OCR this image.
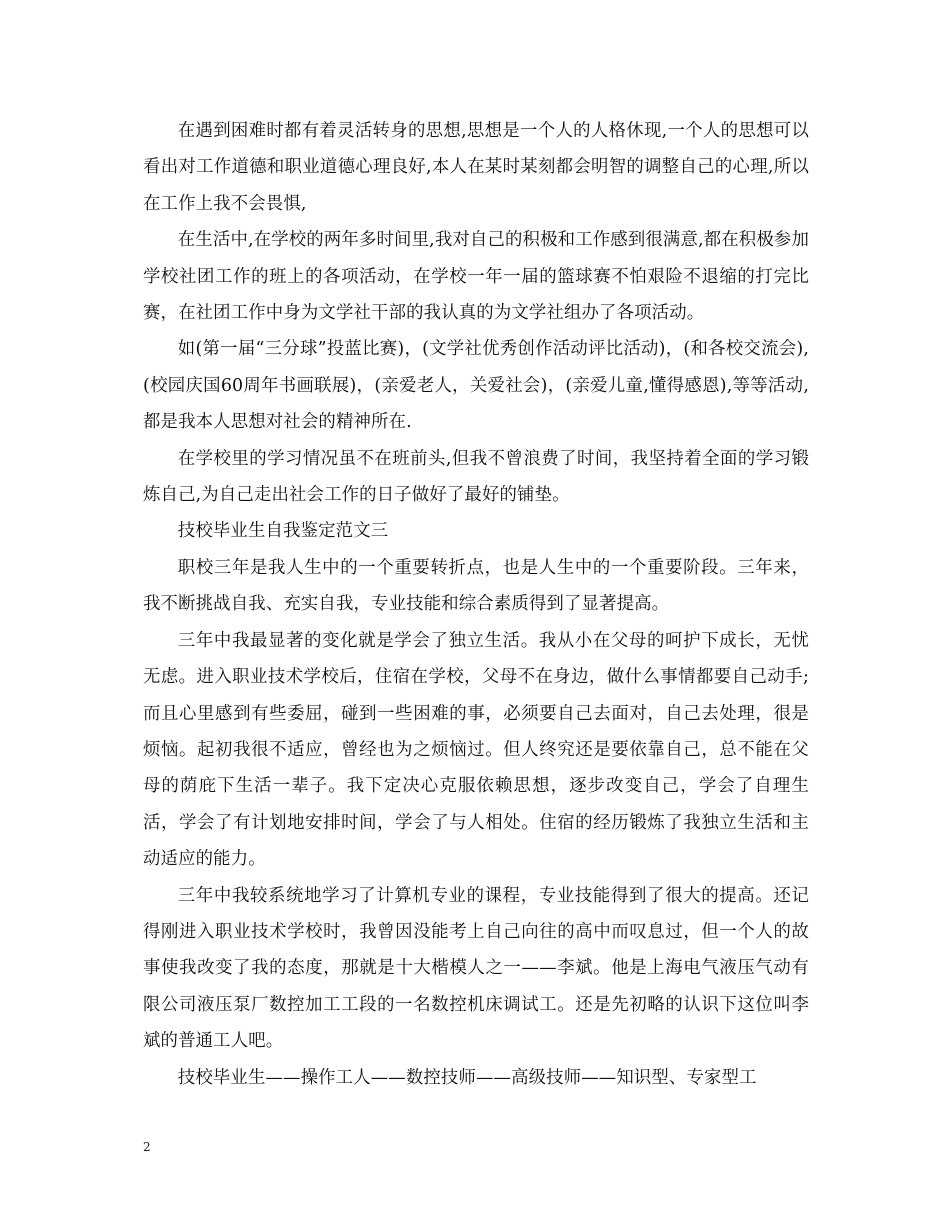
在遇到困难时都有着灵活转身的思想,思想是一个人的人格休现,一个人的思想可以看出对工作道德和职业道德心理良好,本人在某时某刻都会明智的调整自己的心理,所以在工作上我不会畏惧,

在生活中,在学校的两年多时间里,我对自己的积极和工作感到很满意,都在积极参加学校社团工作的班上的各项活动，在学校一年一届的篮球赛不怕艰险不退缩的打完比赛，在社团工作中身为文学社干部的我认真的为文学社组办了各项活动。

如(第一届“三分球”投蓝比赛)，(文学社优秀创作活动评比活动)，(和各校交流会),(校园庆国60周年书画联展)，(亲爱老人，关爱社会)，(亲爱儿童,懂得感恩),等等活动,都是我本人思想对社会的精神所在.

在学校里的学习情况虽不在班前头,但我不曾浪费了时间，我坚持着全面的学习锻炼自己,为自己走出社会工作的日子做好了最好的铺垫。

技校毕业生自我鉴定范文三

职校三年是我人生中的一个重要转折点，也是人生中的一个重要阶段。三年来，我不断挑战自我、充实自我，专业技能和综合素质得到了显著提高。

三年中我最显著的变化就是学会了独立生活。我从小在父母的呵护下成长，无忧无虑。进入职业技术学校后，住宿在学校，父母不在身边，做什么事情都要自己动手;而且心里感到有些委屈，碰到一些困难的事，必须要自己去面对，自己去处理，很是烦恼。起初我很不适应，曾经也为之烦恼过。但人终究还是要依靠自己，总不能在父母的荫庇下生活一辈子。我下定决心克服依赖思想，逐步改变自己，学会了自理生活，学会了有计划地安排时间，学会了与人相处。住宿的经历锻炼了我独立生活和主动适应的能力。

三年中我较系统地学习了计算机专业的课程，专业技能得到了很大的提高。还记得刚进入职业技术学校时，我曾因没能考上自己向往的高中而叹息过，但一个人的故事使我改变了我的态度，那就是十大楷模人之一——李斌。他是上海电气液压气动有限公司液压泵厂数控加工工段的一名数控机床调试工。还是先初略的认识下这位叫李斌的普通工人吧。

技校毕业生——操作工人——数控技师——高级技师——知识型、专家型工

2
